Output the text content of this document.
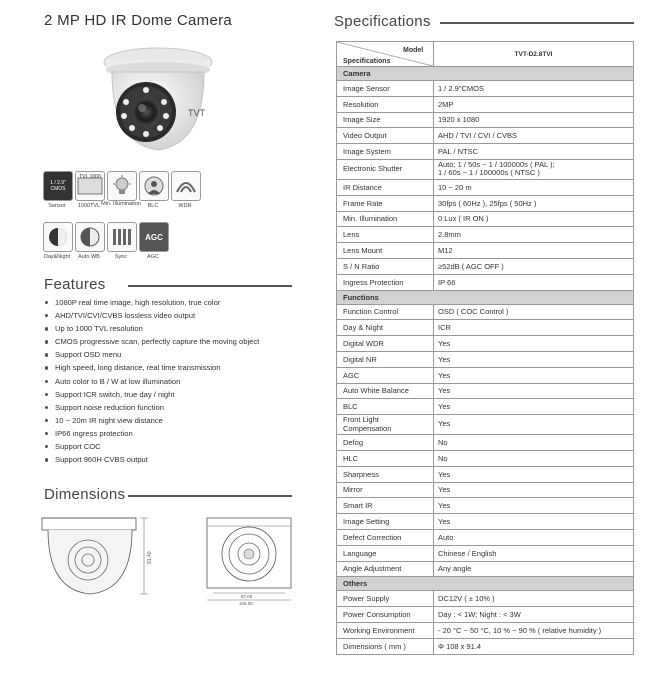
2 MP HD IR Dome Camera
TVT
1 / 2.9" CMOS
TVL 1000
Sensor	1000TVL Min. Illumination	BLC	WDR
AGC
Day&Night	Auto WB	Sync	AGC
Features
1080P real time image, high resolution, true color
AHD/TVI/CVI/CVBS lossless video output
Up to 1000 TVL resolution
CMOS progressive scan, perfectly capture the moving object
Support OSD menu
High speed, long distance, real time transmission
Auto color to B / W at low illumination
Support ICR switch, true day / night
Support noise reduction function
10 ~ 20m IR night view distance
IP66 ingress protection
Support COC
Support 960H CVBS output
Dimensions
91.40
87.00
108.00
Specifications
Model
Specifications	TVT-D2.8TVI
Camera	
Image Sensor	1 / 2.9"CMOS
Resolution	2MP
Image Size	1920 x 1080
Video Output	AHD / TVI / CVI / CVBS
Image System	PAL / NTSC
Electronic Shutter	Auto; 1 / 50s ~ 1 / 100000s ( PAL );
1 / 60s ~ 1 / 100000s ( NTSC )
IR Distance	10 ~ 20 m
Frame Rate	30fps ( 60Hz ), 25fps ( 50Hz )
Min. Illumination	0 Lux ( IR ON )
Lens	2.8mm
Lens Mount	M12
S / N Ratio	≥52dB ( AGC OFF )
Ingress Protection	IP 66
Functions	
Function Control	OSD ( COC Control )
Day & Night	ICR
Digital WDR	Yes
Digital NR	Yes
AGC	Yes
Auto White Balance	Yes
BLC	Yes
Front Light
Compensation	Yes
Defog	No
HLC	No
Sharpness	Yes
Mirror	Yes
Smart IR	Yes
Image Setting	Yes
Defect Correction	Auto
Language	Chinese / English
Angle Adjustment	Any angle
Others	
Power Supply	DC12V ( ± 10% )
Power Consumption	Day : < 1W; Night : < 3W
Working Environment	- 20 °C ~ 50 °C, 10 % ~ 90 % ( relative humidity )
Dimensions ( mm )	Φ 108 x 91.4
